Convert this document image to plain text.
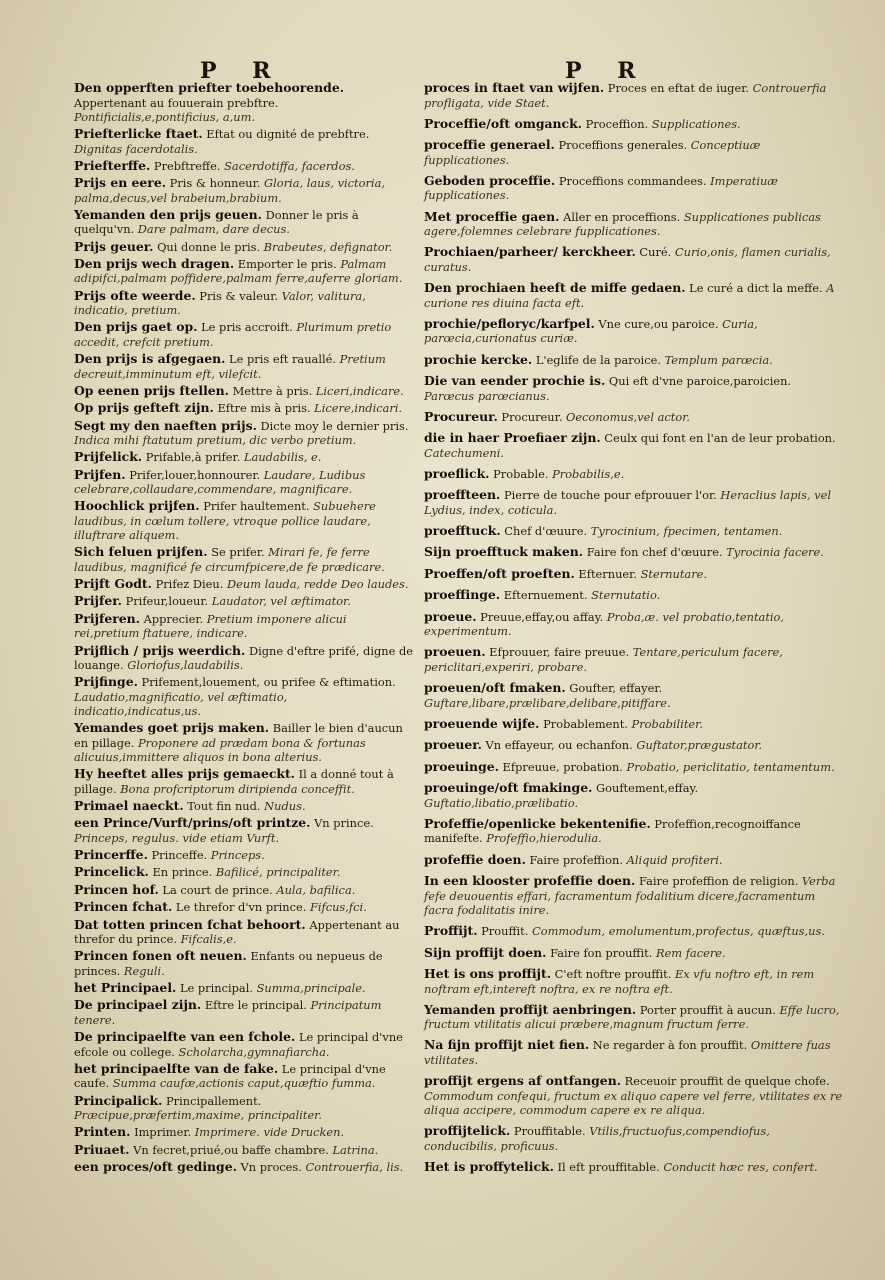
P R	P R
Den opperften priefter toebehoorende. Appertenant au fouuerain prebftre. Pontificialis,e,pontificius, a,um.
Priefterlicke ftaet. Eftat ou dignité de prebftre. Dignitas facerdotalis.
Priefterffe. Prebftreffe. Sacerdotiffa, facerdos.
Prijs en eere. Pris & honneur. Gloria, laus, victoria, palma,decus,vel brabeium,brabium.
Yemanden den prijs geuen. Donner le pris à quelqu'vn. Dare palmam, dare decus.
Prijs geuer. Qui donne le pris. Brabeutes, defignator.
Den prijs wech dragen. Emporter le pris. Palmam adipifci,palmam poffidere,palmam ferre,auferre gloriam.
Prijs ofte weerde. Pris & valeur. Valor, valitura, indicatio, pretium.
Den prijs gaet op. Le pris accroift. Plurimum pretio accedit, crefcit pretium.
Den prijs is afgegaen. Le pris eft rauallé. Pretium decreuit,imminutum eft, vilefcit.
Op eenen prijs ftellen. Mettre à pris. Liceri,indicare.
Op prijs gefteft zijn. Eftre mis à pris. Licere,indicari.
Segt my den naeften prijs. Dicte moy le dernier pris. Indica mihi ftatutum pretium, dic verbo pretium.
Prijfelick. Prifable,à prifer. Laudabilis, e.
Prijfen. Prifer,louer,honnourer. Laudare, Ludibus celebrare,collaudare,commendare, magnificare.
Hoochlick prijfen. Prifer haultement. Subuehere laudibus, in cœlum tollere, vtroque pollice laudare, illuftrare aliquem.
Sich feluen prijfen. Se prifer. Mirari fe, fe ferre laudibus, magnificé fe circumfpicere,de fe prædicare.
Prijft Godt. Prifez Dieu. Deum lauda, redde Deo laudes.
Prijfer. Prifeur,loueur. Laudator, vel æftimator.
Prijferen. Apprecier. Pretium imponere alicui rei,pretium ftatuere, indicare.
Prijflich / prijs weerdich. Digne d'eftre prifé, digne de louange. Gloriofus,laudabilis.
Prijfinge. Prifement,louement, ou prifee & eftimation. Laudatio,magnificatio, vel æftimatio, indicatio,indicatus,us.
Yemandes goet prijs maken. Bailler le bien d'aucun en pillage. Proponere ad prædam bona & fortunas alicuius,immittere aliquos in bona alterius.
Hy heeftet alles prijs gemaeckt. Il a donné tout à pillage. Bona profcriptorum diripienda conceffit.
Primael naeckt. Tout fin nud. Nudus.
een Prince/Vurft/prins/oft printze. Vn prince. Princeps, regulus. vide etiam Vurft.
Princerffe. Princeffe. Princeps.
Princelick. En prince. Bafilicé, principaliter.
Princen hof. La court de prince. Aula, bafilica.
Princen fchat. Le threfor d'vn prince. Fifcus,fci.
Dat totten princen fchat behoort. Appertenant au threfor du prince. Fifcalis,e.
Princen fonen oft neuen. Enfants ou nepueus de princes. Reguli.
het Principael. Le principal. Summa,principale.
De principael zijn. Eftre le principal. Principatum tenere.
De principaelfte van een fchole. Le principal d'vne efcole ou college. Scholarcha,gymnafiarcha.
het principaelfte van de fake. Le principal d'vne caufe. Summa caufæ,actionis caput,quæftio fumma.
Principalick. Principallement. Præcipue,præfertim,maxime, principaliter.
Printen. Imprimer. Imprimere. vide Drucken.
Priuaet. Vn fecret,priué,ou baffe chambre. Latrina.
een proces/oft gedinge. Vn proces. Controuerfia, lis.
proces in ftaet van wijfen. Proces en eftat de iuger. Controuerfia profligata, vide Staet.
Proceffie/oft omganck. Proceffion. Supplicationes.
proceffie generael. Proceffions generales. Conceptiuæ fupplicationes.
Geboden proceffie. Proceffions commandees. Imperatiuæ fupplicationes.
Met proceffie gaen. Aller en proceffions. Supplicationes publicas agere,folemnes celebrare fupplicationes.
Prochiaen/parheer/ kerckheer. Curé. Curio,onis, flamen curialis, curatus.
Den prochiaen heeft de miffe gedaen. Le curé a dict la meffe. A curione res diuina facta eft.
prochie/pefloryc/karfpel. Vne cure,ou paroice. Curia, parœcia,curionatus curiæ.
prochie kercke. L'eglife de la paroice. Templum parœcia.
Die van eender prochie is. Qui eft d'vne paroice,paroicien. Parœcus parœcianus.
Procureur. Procureur. Oeconomus,vel actor.
die in haer Proefiaer zijn. Ceulx qui font en l'an de leur probation. Catechumeni.
proeflick. Probable. Probabilis,e.
proeffteen. Pierre de touche pour efprouuer l'or. Heraclius lapis, vel Lydius, index, coticula.
proefftuck. Chef d'œuure. Tyrocinium, fpecimen, tentamen.
Sijn proefftuck maken. Faire fon chef d'œuure. Tyrocinia facere.
Proeffen/oft proeften. Efternuer. Sternutare.
proeffinge. Efternuement. Sternutatio.
proeue. Preuue,effay,ou affay. Proba,æ. vel probatio,tentatio, experimentum.
proeuen. Efprouuer, faire preuue. Tentare,periculum facere, periclitari,experiri, probare.
proeuen/oft fmaken. Goufter, effayer. Guftare,libare,prælibare,delibare,pitiffare.
proeuende wijfe. Probablement. Probabiliter.
proeuer. Vn effayeur, ou echanfon. Guftator,prægustator.
proeuinge. Efpreuue, probation. Probatio, periclitatio, tentamentum.
proeuinge/oft fmakinge. Gouftement,effay. Guftatio,libatio,prælibatio.
Profeffie/openlicke bekentenifie. Profeffion,recognoiffance manifefte. Profeffio,hierodulia.
profeffie doen. Faire profeffion. Aliquid profiteri.
In een klooster profeffie doen. Faire profeffion de religion. Verba fefe deuouentis effari, facramentum fodalitium dicere,facramentum facra fodalitatis inire.
Proffijt. Prouffit. Commodum, emolumentum,profectus, quæftus,us.
Sijn proffijt doen. Faire fon prouffit. Rem facere.
Het is ons proffijt. C'eft noftre prouffit. Ex vfu noftro eft, in rem noftram eft,intereft noftra, ex re noftra eft.
Yemanden proffijt aenbringen. Porter prouffit à aucun. Effe lucro, fructum vtilitatis alicui præbere,magnum fructum ferre.
Na fijn proffijt niet fien. Ne regarder à fon prouffit. Omittere fuas vtilitates.
proffijt ergens af ontfangen. Receuoir prouffit de quelque chofe. Commodum confequi, fructum ex aliquo capere vel ferre, vtilitates ex re aliqua accipere, commodum capere ex re aliqua.
proffijtelick. Prouffitable. Vtilis,fructuofus,compendiofus, conducibilis, proficuus.
Het is proffytelick. Il eft prouffitable. Conducit hæc res, confert.
